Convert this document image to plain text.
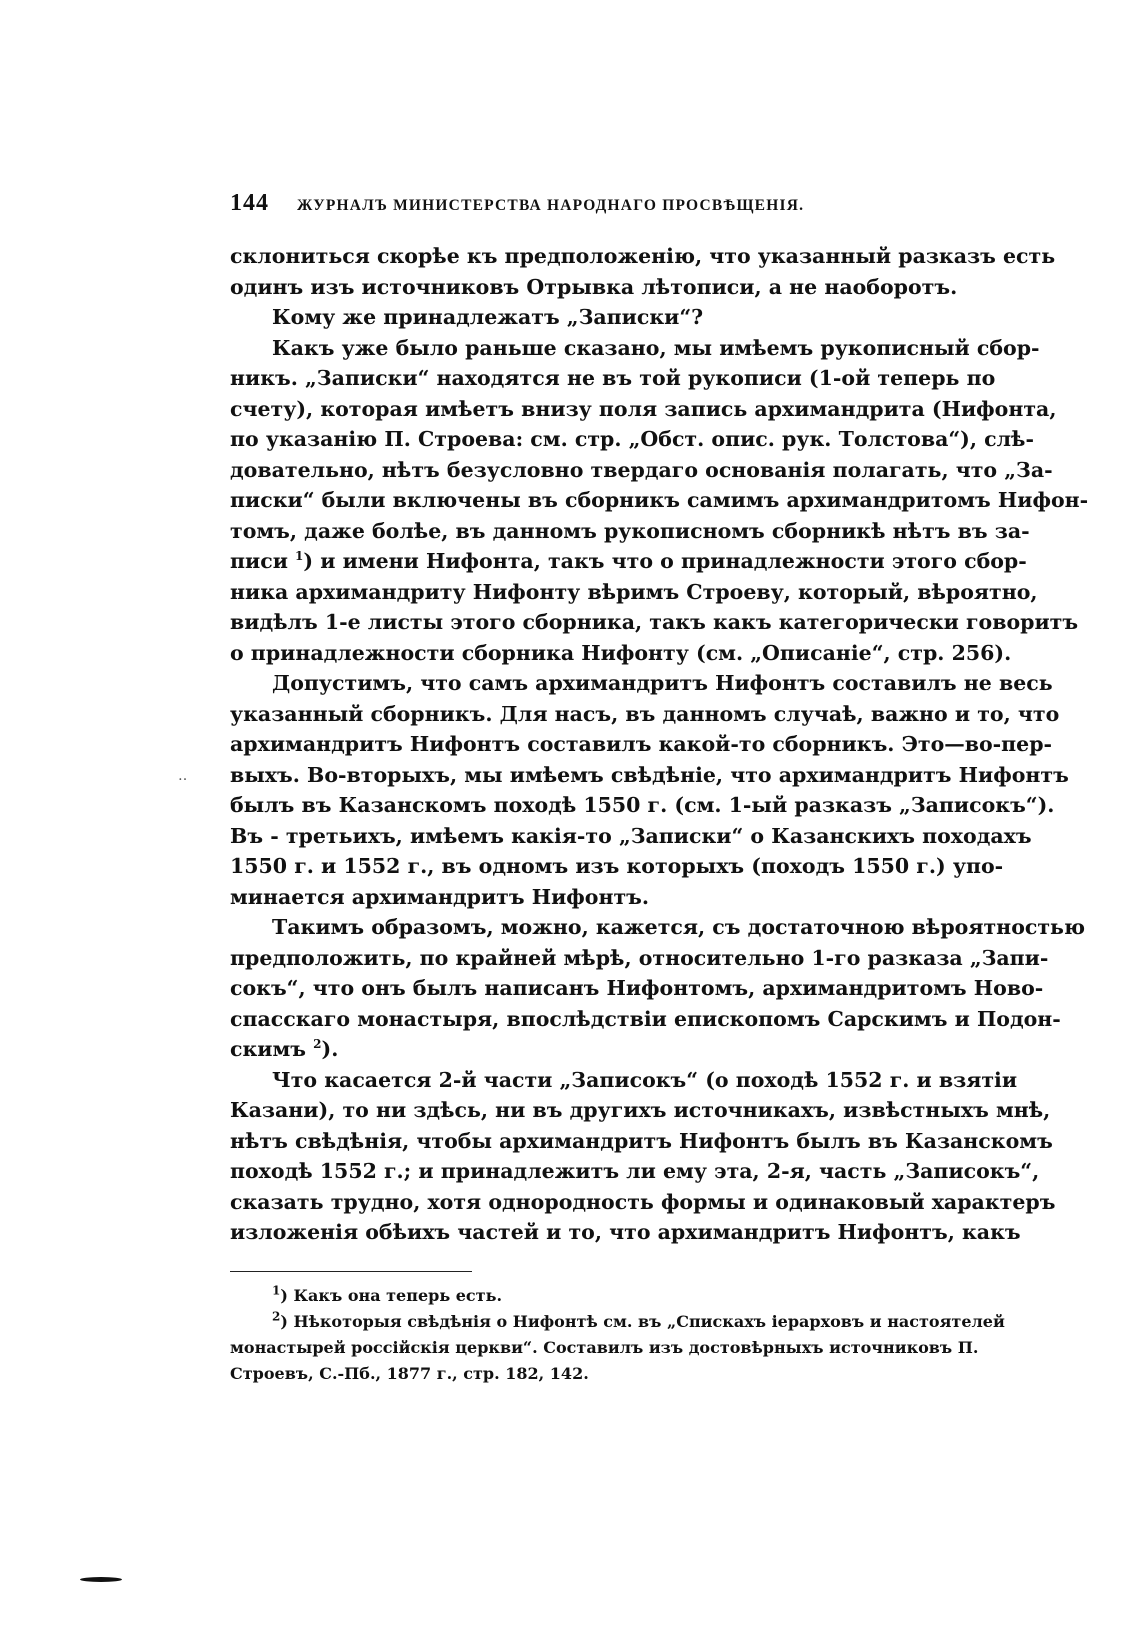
144 ЖУРНАЛЪ МИНИСТЕРСТВА НАРОДНАГО ПРОСВѢЩЕНІЯ.
склониться скорѣе къ предположенію, что указанный разказъ есть
одинъ изъ источниковъ Отрывка лѣтописи, а не наоборотъ.
Кому же принадлежатъ „Записки“?
Какъ уже было раньше сказано, мы имѣемъ рукописный сбор-
никъ. „Записки“ находятся не въ той рукописи (1-ой теперь по
счету), которая имѣетъ внизу поля запись архимандрита (Нифонта,
по указанію П. Строева: см. стр. „Обст. опис. рук. Толстова“), слѣ-
довательно, нѣтъ безусловно твердаго основанія полагать, что „За-
писки“ были включены въ сборникъ самимъ архимандритомъ Нифон-
томъ, даже болѣе, въ данномъ рукописномъ сборникѣ нѣтъ въ за-
писи $^1$) и имени Нифонта, такъ что о принадлежности этого сбор-
ника архимандриту Нифонту вѣримъ Строеву, который, вѣроятно,
видѣлъ 1-е листы этого сборника, такъ какъ категорически говоритъ
о принадлежности сборника Нифонту (см. „Описаніе“, стр. 256).
Допустимъ, что самъ архимандритъ Нифонтъ составилъ не весь
указанный сборникъ. Для насъ, въ данномъ случаѣ, важно и то, что
архимандритъ Нифонтъ составилъ какой-то сборникъ. Это—во-пер-
выхъ. Во-вторыхъ, мы имѣемъ свѣдѣніе, что архимандритъ Нифонтъ
былъ въ Казанскомъ походѣ 1550 г. (см. 1-ый разказъ „Записокъ“).
Въ - третьихъ, имѣемъ какія-то „Записки“ о Казанскихъ походахъ
1550 г. и 1552 г., въ одномъ изъ которыхъ (походъ 1550 г.) упо-
минается архимандритъ Нифонтъ.
Такимъ образомъ, можно, кажется, съ достаточною вѣроятностью
предположить, по крайней мѣрѣ, относительно 1-го разказа „Запи-
сокъ“, что онъ былъ написанъ Нифонтомъ, архимандритомъ Ново-
спасскаго монастыря, впослѣдствіи епископомъ Сарскимъ и Подон-
скимъ $^2$).
Что касается 2-й части „Записокъ“ (о походѣ 1552 г. и взятіи
Казани), то ни здѣсь, ни въ другихъ источникахъ, извѣстныхъ мнѣ,
нѣтъ свѣдѣнія, чтобы архимандритъ Нифонтъ былъ въ Казанскомъ
походѣ 1552 г.; и принадлежитъ ли ему эта, 2-я, часть „Записокъ“,
сказать трудно, хотя однородность формы и одинаковый характеръ
изложенія обѣихъ частей и то, что архимандритъ Нифонтъ, какъ
$^1$) Какъ она теперь есть.
$^2$) Нѣкоторыя свѣдѣнія о Нифонтѣ см. въ „Спискахъ іерарховъ и настоятелей
монастырей россійскія церкви“. Составилъ изъ достовѣрныхъ источниковъ П.
Строевъ, С.-Пб., 1877 г., стр. 182, 142.
‥
